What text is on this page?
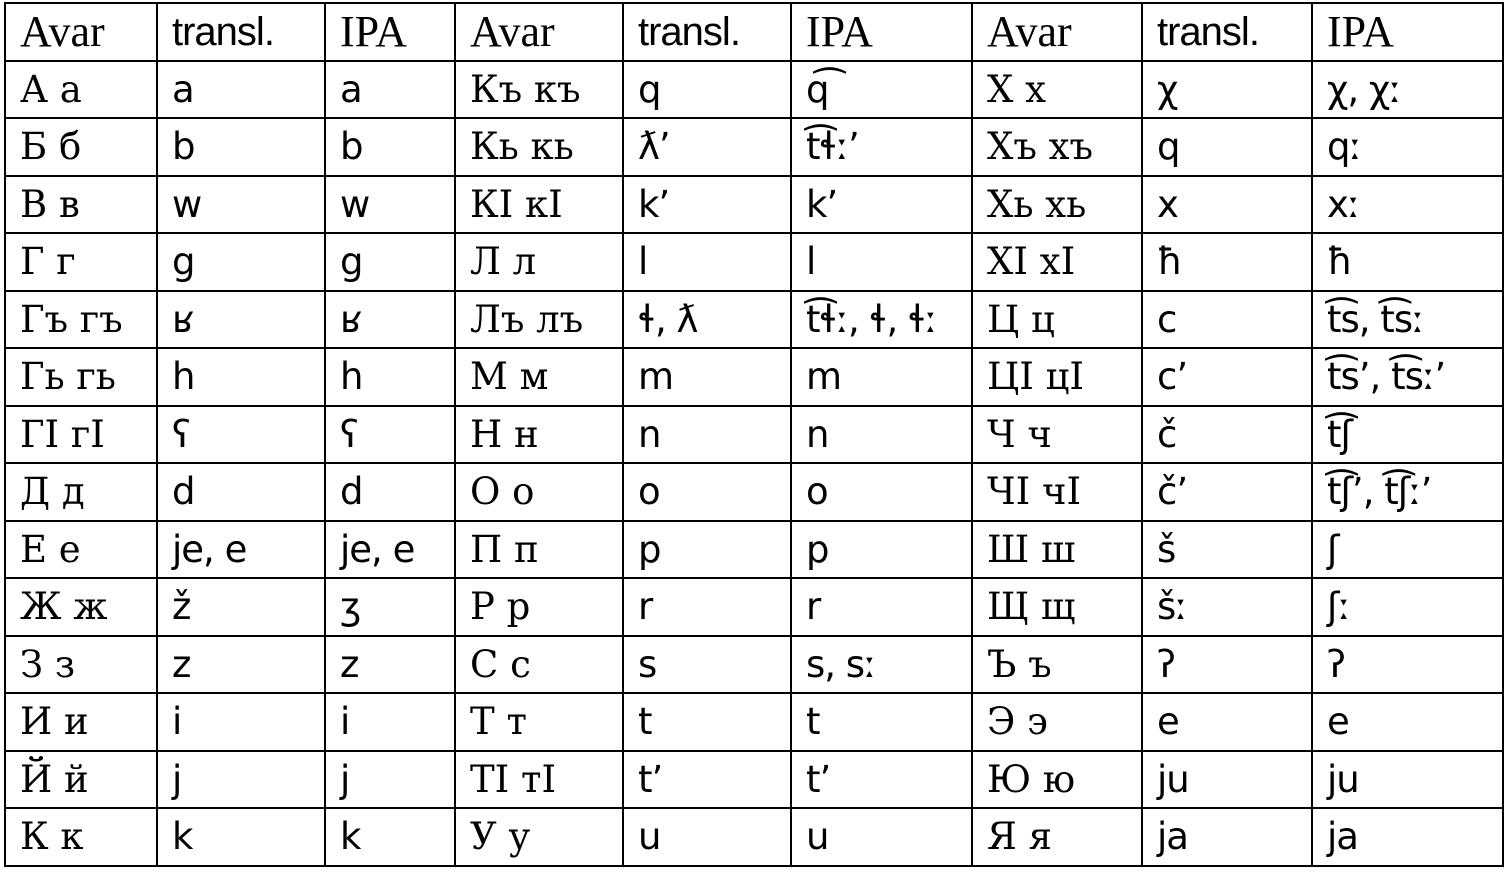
Avar	transl.	IPA	Avar	transl.	IPA	Avar	transl.	IPA
А а	a	a	Къ къ	q	q͡	Х х	χ	χ, χː
Б б	b	b	Кь кь	ƛ’	t͡ɬː’	Хъ хъ	q	qː
В в	w	w	КӀ кӀ	k’	k’	Хь хь	x	xː
Г г	g	g	Л л	l	l	ХӀ хӀ	ħ	ħ
Гъ гъ	ʁ	ʁ	Лъ лъ	ɬ, ƛ	t͡ɬː, ɬ, ɬː	Ц ц	c	t͡s, t͡sː
Гь гь	h	h	М м	m	m	ЦӀ цӀ	c’	t͡s’, t͡sː’
ГӀ гӀ	ʕ	ʕ	Н н	n	n	Ч ч	č	t͡ʃ
Д д	d	d	О о	o	o	ЧӀ чӀ	č’	t͡ʃ’, t͡ʃː’
Е е	je, e	je, e	П п	p	p	Ш ш	š	ʃ
Ж ж	ž	ʒ	Р р	r	r	Щ щ	šː	ʃː
З з	z	z	С с	s	s, sː	Ъ ъ	ʔ	ʔ
И и	i	i	Т т	t	t	Э э	e	e
Й й	j	j	ТӀ тӀ	t’	t’	Ю ю	ju	ju
К к	k	k	У у	u	u	Я я	ja	ja
